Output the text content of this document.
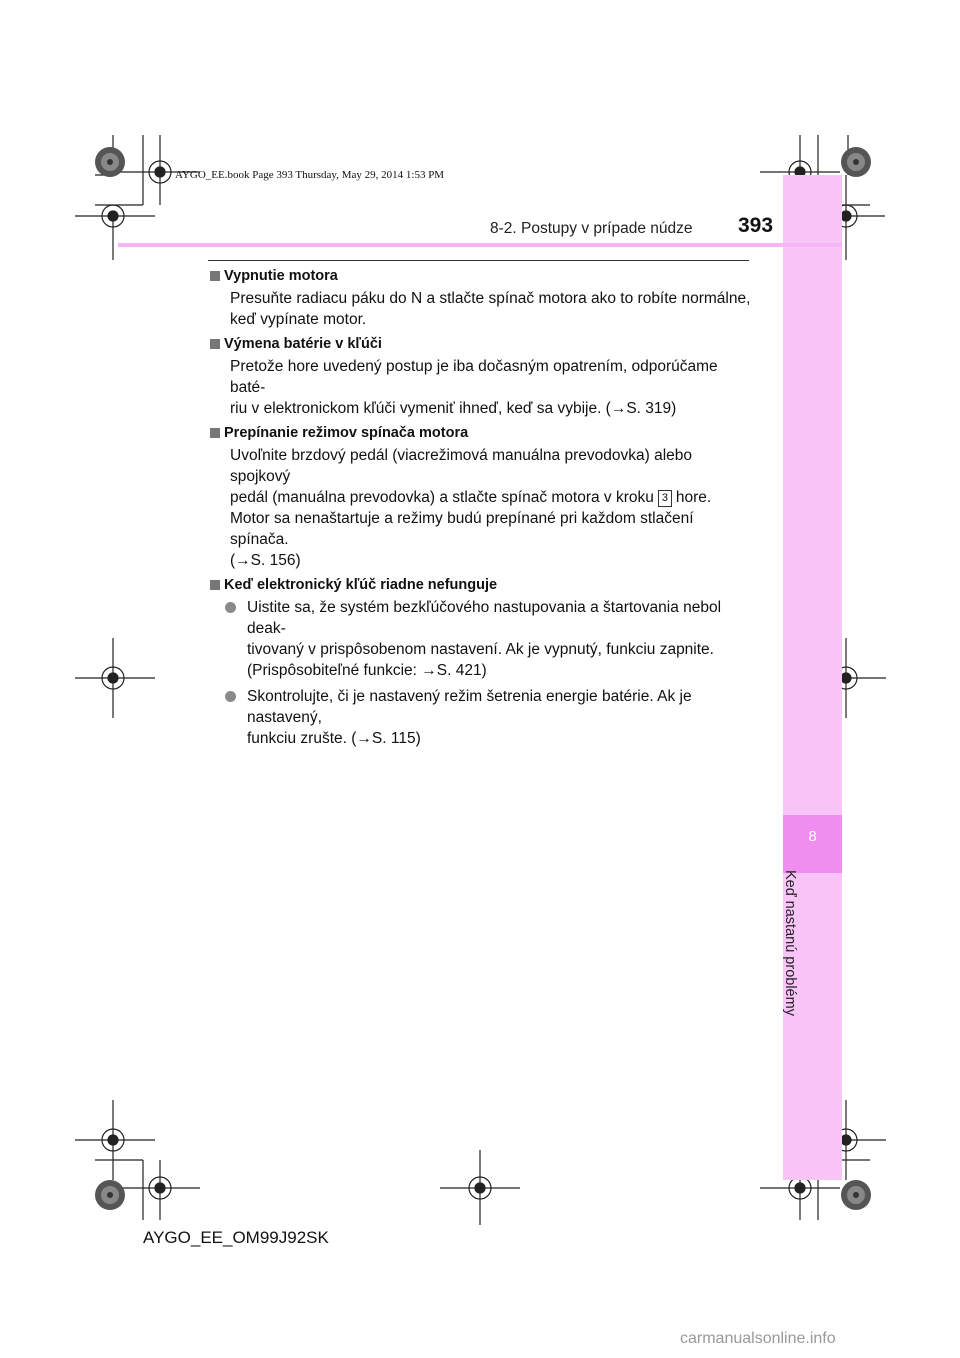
8
Keď nastanú problémy
AYGO_EE.book Page 393 Thursday, May 29, 2014 1:53 PM
8-2. Postupy v prípade núdze 393
Vypnutie motora
Presuňte radiacu páku do N a stlačte spínač motora ako to robíte normálne,
keď vypínate motor.
Výmena batérie v kľúči
Pretože hore uvedený postup je iba dočasným opatrením, odporúčame baté-
riu v elektronickom kľúči vymeniť ihneď, keď sa vybije. (→S. 319)
Prepínanie režimov spínača motora
Uvoľnite brzdový pedál (viacrežimová manuálna prevodovka) alebo spojkový
pedál (manuálna prevodovka) a stlačte spínač motora v kroku 3 hore.
Motor sa nenaštartuje a režimy budú prepínané pri každom stlačení spínača.
(→S. 156)
Keď elektronický kľúč riadne nefunguje
Uistite sa, že systém bezkľúčového nastupovania a štartovania nebol deak-
tivovaný v prispôsobenom nastavení. Ak je vypnutý, funkciu zapnite.
(Prispôsobiteľné funkcie: →S. 421)
Skontrolujte, či je nastavený režim šetrenia energie batérie. Ak je nastavený,
funkciu zrušte. (→S. 115)
AYGO_EE_OM99J92SK
carmanualsonline.info
